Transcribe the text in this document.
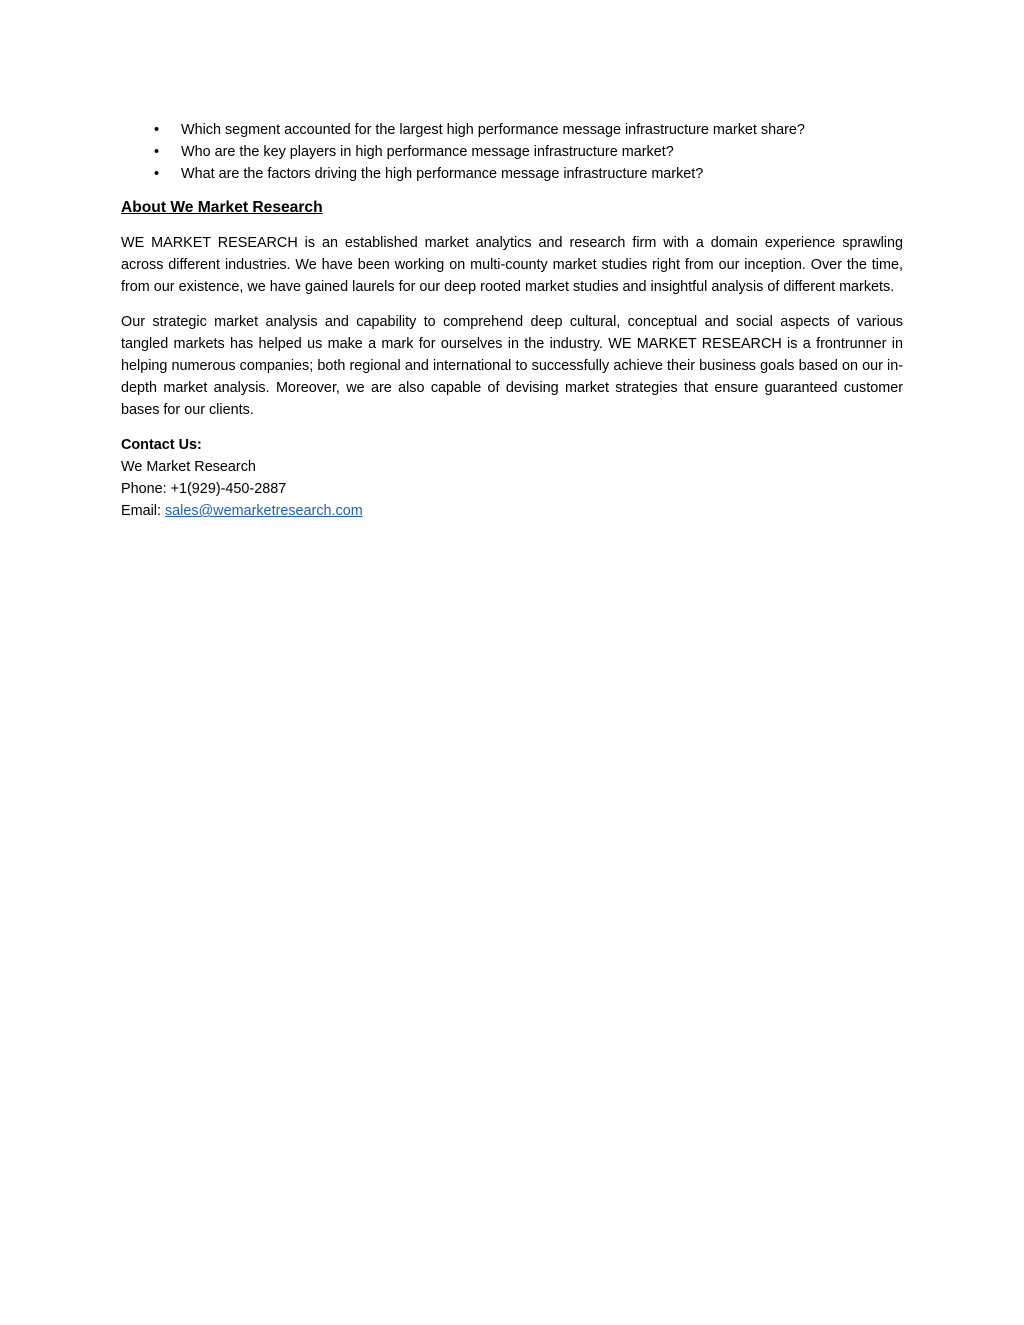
• Which segment accounted for the largest high performance message infrastructure market share?
• Who are the key players in high performance message infrastructure market?
• What are the factors driving the high performance message infrastructure market?
About We Market Research

WE MARKET RESEARCH is an established market analytics and research firm with a domain experience sprawling across different industries. We have been working on multi-county market studies right from our inception. Over the time, from our existence, we have gained laurels for our deep rooted market studies and insightful analysis of different markets.

Our strategic market analysis and capability to comprehend deep cultural, conceptual and social aspects of various tangled markets has helped us make a mark for ourselves in the industry. WE MARKET RESEARCH is a frontrunner in helping numerous companies; both regional and international to successfully achieve their business goals based on our in-depth market analysis. Moreover, we are also capable of devising market strategies that ensure guaranteed customer bases for our clients.

Contact Us:
We Market Research
Phone: +1(929)-450-2887
Email: sales@wemarketresearch.com
